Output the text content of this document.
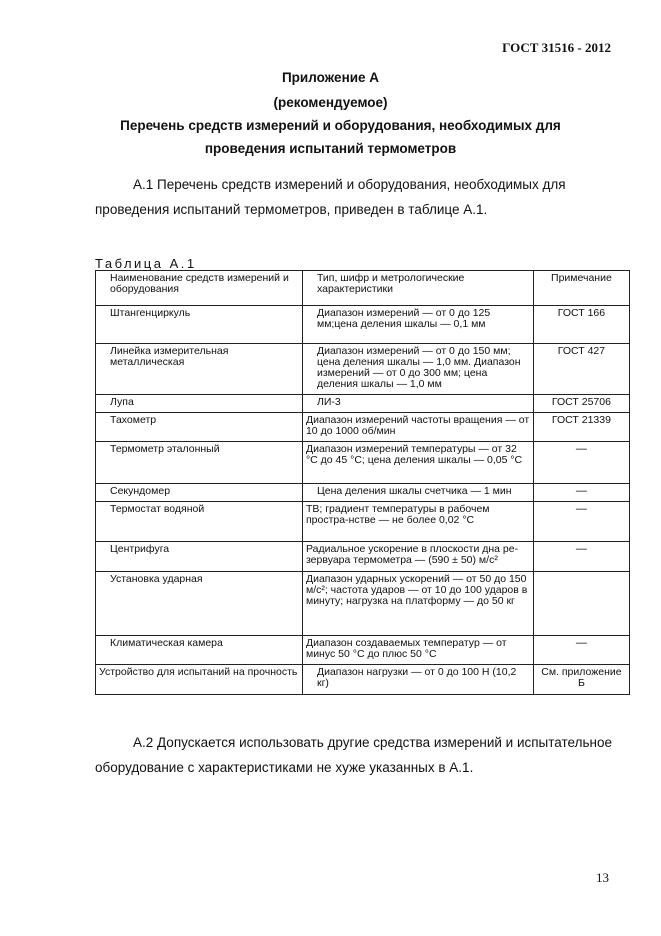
ГОСТ 31516 - 2012
Приложение А
(рекомендуемое)
Перечень средств измерений и оборудования, необходимых для
проведения испытаний термометров
А.1 Перечень средств измерений и оборудования, необходимых для
проведения испытаний термометров, приведен в таблице А.1.
Таблица А.1
Наименование средств измерений и оборудования	Тип, шифр и метрологические характеристики	Примечание
Штангенциркуль	Диапазон измерений — от 0 до 125 мм;цена деления шкалы — 0,1 мм	ГОСТ 166
Линейка измерительная металлическая	Диапазон измерений — от 0 до 150 мм; цена деления шкалы — 1,0 мм. Диапазон измерений — от 0 до 300 мм; цена деления шкалы — 1,0 мм	ГОСТ 427
Лупа	ЛИ-3	ГОСТ 25706
Тахометр	Диапазон измерений частоты вращения — от 10 до 1000 об/мин	ГОСТ 21339
Термометр эталонный	Диапазон измерений температуры — от 32 °С до 45 °С; цена деления шкалы — 0,05 °С	—
Секундомер	Цена деления шкалы счетчика — 1 мин	—
Термостат водяной	ТВ; градиент температуры в рабочем простра-нстве — не более 0,02 °С	—
Центрифуга	Радиальное ускорение в плоскости дна ре-зервуара термометра — (590 ± 50) м/с²	—
Установка ударная	Диапазон ударных ускорений — от 50 до 150 м/с²; частота ударов — от 10 до 100 ударов в минуту; нагрузка на платформу — до 50 кг	
Климатическая камера	Диапазон создаваемых температур — от минус 50 °С до плюс 50 °С	—
Устройство для испытаний на прочность	Диапазон нагрузки — от 0 до 100 Н (10,2 кг)	См. приложение Б
А.2 Допускается использовать другие средства измерений и испытательное
оборудование с характеристиками не хуже указанных в А.1.
13
